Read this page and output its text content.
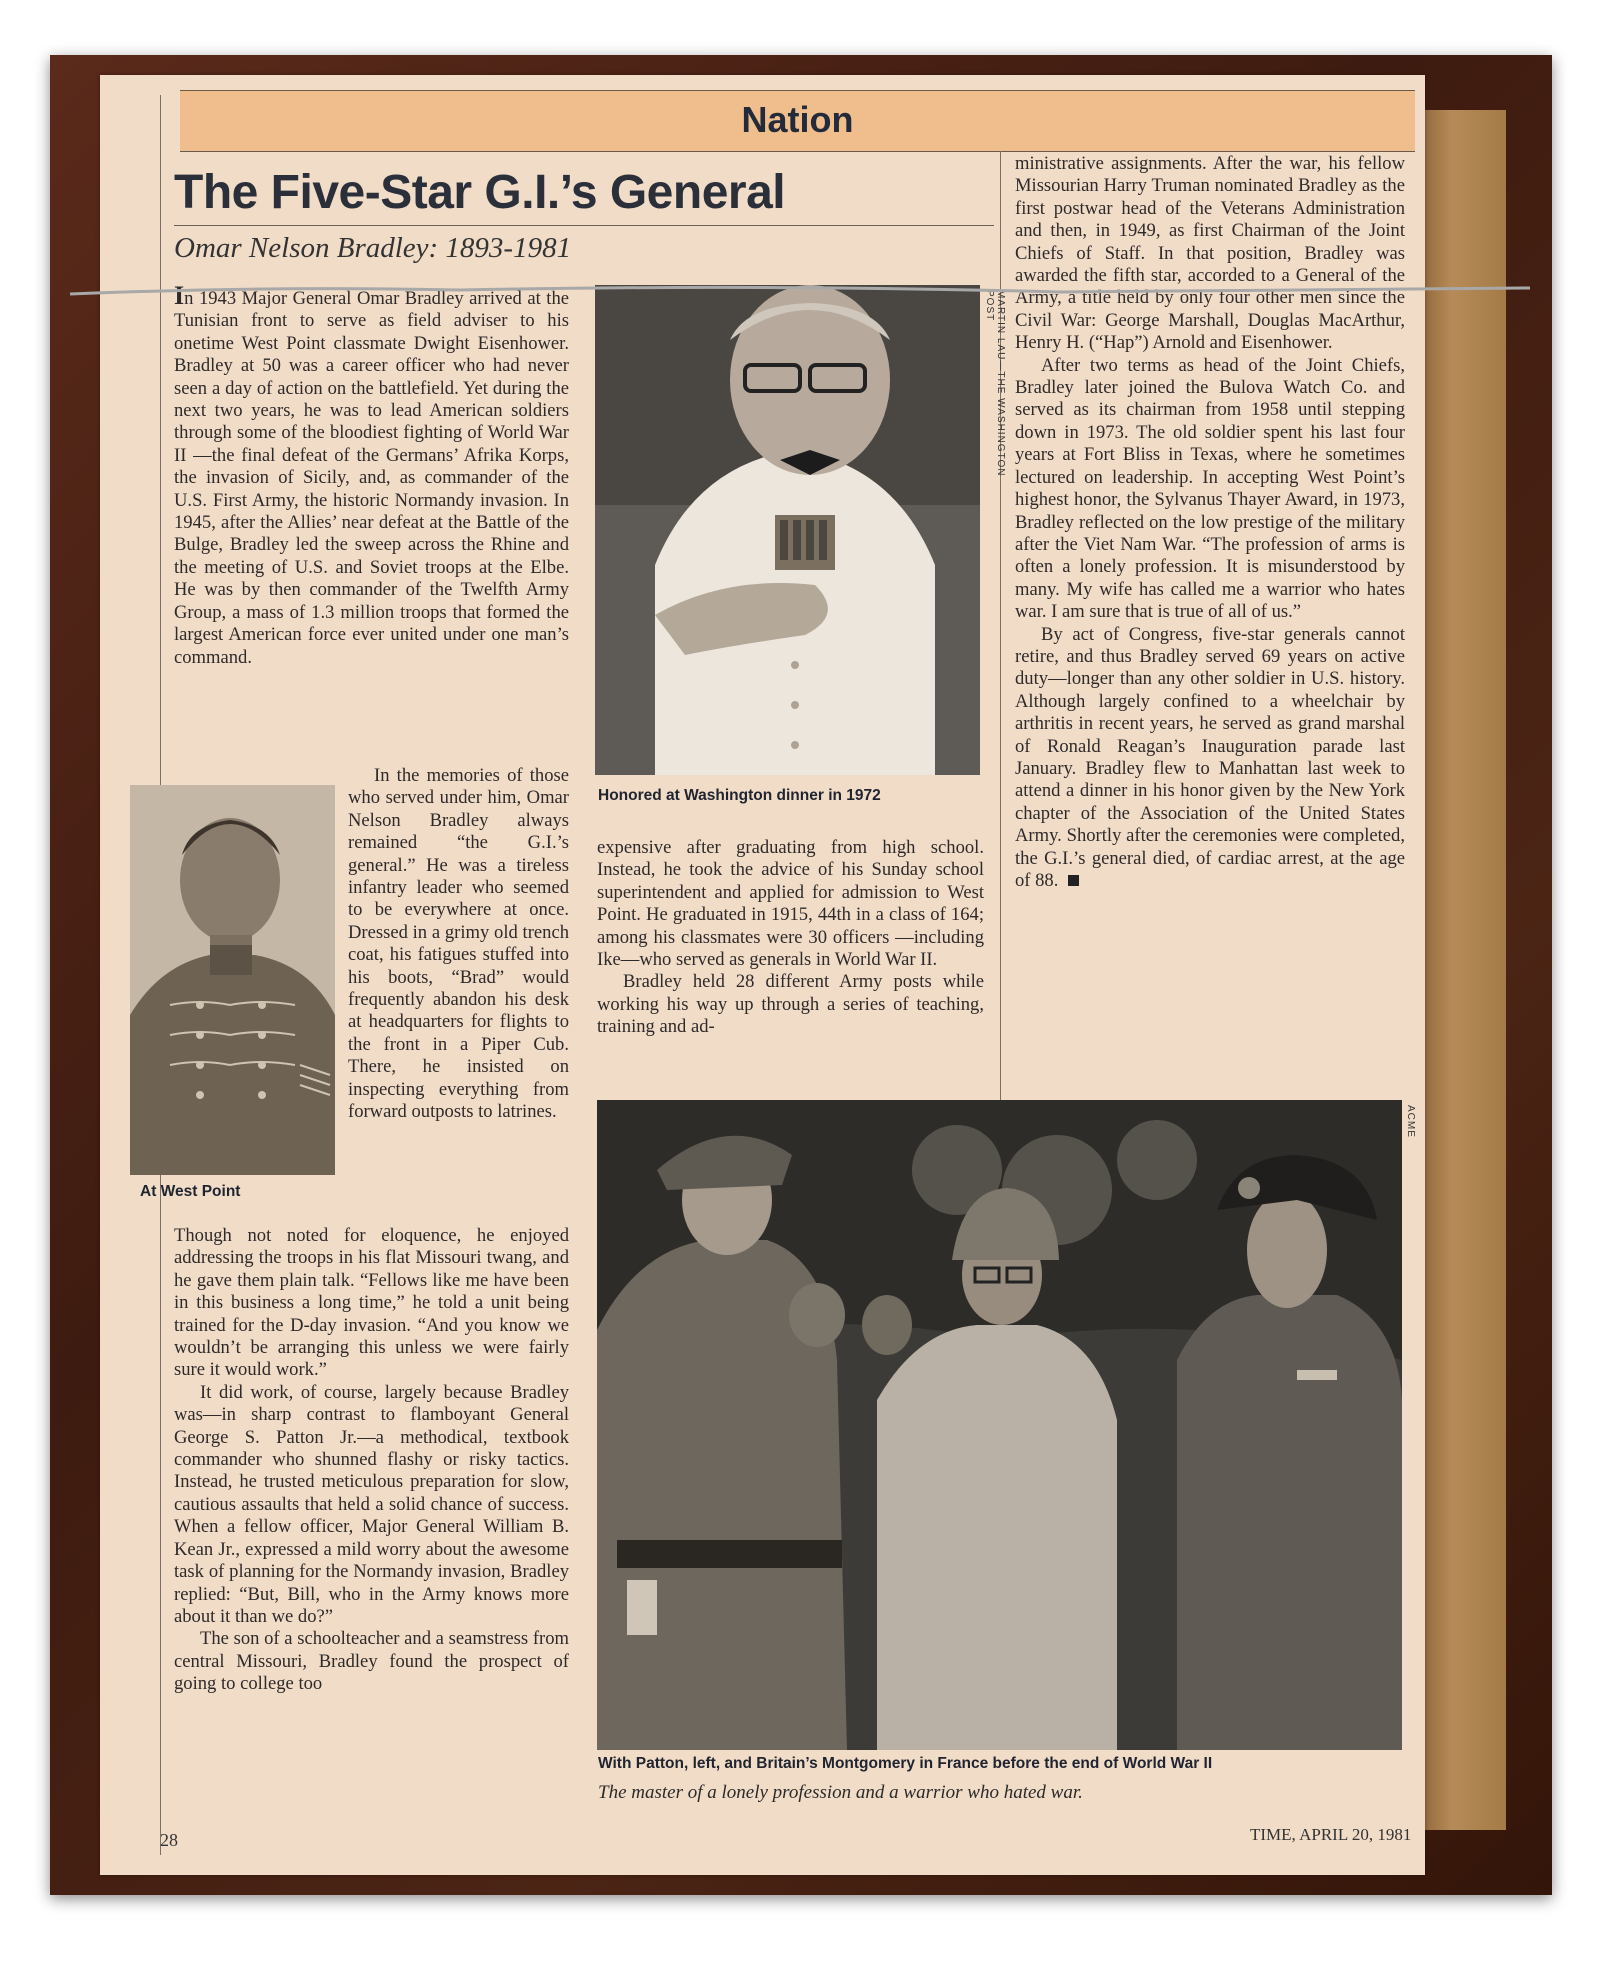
Nation
The Five-Star G.I.’s General
Omar Nelson Bradley: 1893-1981

In 1943 Major General Omar Bradley arrived at the Tunisian front to serve as field adviser to his onetime West Point classmate Dwight Eisenhower. Bradley at 50 was a career officer who had never seen a day of action on the battlefield. Yet during the next two years, he was to lead American soldiers through some of the bloodiest fighting of World War II —the final defeat of the Germans’ Afrika Korps, the invasion of Sicily, and, as commander of the U.S. First Army, the historic Normandy invasion. In 1945, after the Allies’ near defeat at the Battle of the Bulge, Bradley led the sweep across the Rhine and the meeting of U.S. and Soviet troops at the Elbe. He was by then commander of the Twelfth Army Group, a mass of 1.3 million troops that formed the largest American force ever united under one man’s command.

At West Point

In the memories of those who served under him, Omar Nelson Bradley always remained “the G.I.’s general.” He was a tireless infantry leader who seemed to be everywhere at once. Dressed in a grimy old trench coat, his fatigues stuffed into his boots, “Brad” would frequently abandon his desk at headquarters for flights to the front in a Piper Cub. There, he insisted on inspecting everything from forward outposts to latrines.

Though not noted for eloquence, he enjoyed addressing the troops in his flat Missouri twang, and he gave them plain talk. “Fellows like me have been in this business a long time,” he told a unit being trained for the D-day invasion. “And you know we wouldn’t be arranging this unless we were fairly sure it would work.”

It did work, of course, largely because Bradley was—in sharp contrast to flamboyant General George S. Patton Jr.—a methodical, textbook commander who shunned flashy or risky tactics. Instead, he trusted meticulous preparation for slow, cautious assaults that held a solid chance of success. When a fellow officer, Major General William B. Kean Jr., expressed a mild worry about the awesome task of planning for the Normandy invasion, Bradley replied: “But, Bill, who in the Army knows more about it than we do?”

The son of a schoolteacher and a seamstress from central Missouri, Bradley found the prospect of going to college too

MARTIN LAU—THE WASHINGTON POST
Honored at Washington dinner in 1972

expensive after graduating from high school. Instead, he took the advice of his Sunday school superintendent and applied for admission to West Point. He graduated in 1915, 44th in a class of 164; among his classmates were 30 officers —including Ike—who served as generals in World War II.

Bradley held 28 different Army posts while working his way up through a series of teaching, training and ad-

ministrative assignments. After the war, his fellow Missourian Harry Truman nominated Bradley as the first postwar head of the Veterans Administration and then, in 1949, as first Chairman of the Joint Chiefs of Staff. In that position, Bradley was awarded the fifth star, accorded to a General of the Army, a title held by only four other men since the Civil War: George Marshall, Douglas MacArthur, Henry H. (“Hap”) Arnold and Eisenhower.

After two terms as head of the Joint Chiefs, Bradley later joined the Bulova Watch Co. and served as its chairman from 1958 until stepping down in 1973. The old soldier spent his last four years at Fort Bliss in Texas, where he sometimes lectured on leadership. In accepting West Point’s highest honor, the Sylvanus Thayer Award, in 1973, Bradley reflected on the low prestige of the military after the Viet Nam War. “The profession of arms is often a lonely profession. It is misunderstood by many. My wife has called me a warrior who hates war. I am sure that is true of all of us.”

By act of Congress, five-star generals cannot retire, and thus Bradley served 69 years on active duty—longer than any other soldier in U.S. history. Although largely confined to a wheelchair by arthritis in recent years, he served as grand marshal of Ronald Reagan’s Inauguration parade last January. Bradley flew to Manhattan last week to attend a dinner in his honor given by the New York chapter of the Association of the United States Army. Shortly after the ceremonies were completed, the G.I.’s general died, of cardiac arrest, at the age of 88.

ACME
With Patton, left, and Britain’s Montgomery in France before the end of World War II
The master of a lonely profession and a warrior who hated war.
28	TIME, APRIL 20, 1981
